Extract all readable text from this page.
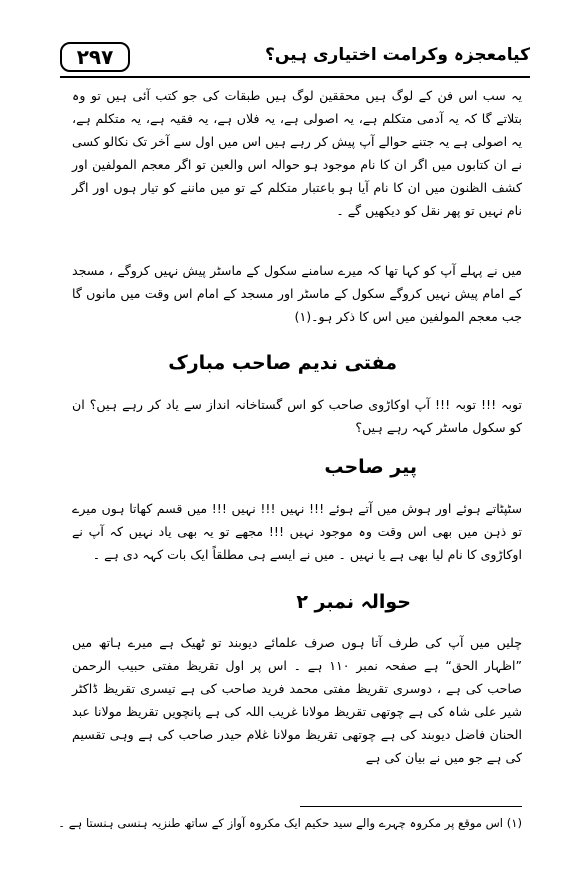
۲۹۷	کیامعجزہ وکرامت اختیاری ہیں؟

یہ سب اس فن کے لوگ ہیں محققین لوگ ہیں طبقات کی جو کتب آئی ہیں تو وہ بتلاتے گا کہ یہ آدمی متکلم ہے، یہ اصولی ہے، یہ فلاں ہے، یہ فقیہ ہے، یہ متکلم ہے، یہ اصولی ہے یہ جتنے حوالے آپ پیش کر رہے ہیں اس میں اول سے آخر تک نکالو کسی نے ان کتابوں میں اگر ان کا نام موجود ہو حوالہ اس والعین تو اگر معجم المولفین اور کشف الظنون میں ان کا نام آیا ہو باعتبار متکلم کے تو میں ماننے کو تیار ہوں اور اگر نام نہیں تو پھر نقل کو دیکھیں گے ۔

میں نے پہلے آپ کو کہا تھا کہ میرے سامنے سکول کے ماسٹر پیش نہیں کروگے ، مسجد کے امام پیش نہیں کروگے سکول کے ماسٹر اور مسجد کے امام اس وقت میں مانوں گا جب معجم المولفین میں اس کا ذکر ہو۔(۱)

مفتی ندیم صاحب مبارک

توبہ !!! توبہ !!! آپ اوکاڑوی صاحب کو اس گستاخانہ انداز سے یاد کر رہے ہیں؟ ان کو سکول ماسٹر کہہ رہے ہیں؟

پیر صاحب

سٹپٹاتے ہوئے اور ہوش میں آتے ہوئے !!! نہیں !!! نہیں !!! میں قسم کھاتا ہوں میرے تو ذہن میں بھی اس وقت وہ موجود نہیں !!! مجھے تو یہ بھی یاد نہیں کہ آپ نے اوکاڑوی کا نام لیا بھی ہے یا نہیں ۔ میں نے ایسے ہی مطلقاً ایک بات کہہ دی ہے ۔

حوالہ نمبر ۲

چلیں میں آپ کی طرف آتا ہوں صرف علمائے دیوبند تو ٹھیک ہے میرے ہاتھ میں ”اظہار الحق“ ہے صفحہ نمبر ۱۱۰ ہے ۔ اس پر اول تقریظ مفتی حبیب الرحمن صاحب کی ہے ، دوسری تقریظ مفتی محمد فرید صاحب کی ہے تیسری تقریظ ڈاکٹر شیر علی شاہ کی ہے چوتھی تقریظ مولانا غریب اللہ کی ہے پانچویں تقریظ مولانا عبد الحنان فاضل دیوبند کی ہے چوتھی تقریظ مولانا غلام حیدر صاحب کی ہے وہی تقسیم کی ہے جو میں نے بیان کی ہے

(۱) اس موقع پر مکروہ چہرے والے سید حکیم ایک مکروہ آواز کے ساتھ طنزیہ ہنسی ہنستا ہے ۔
